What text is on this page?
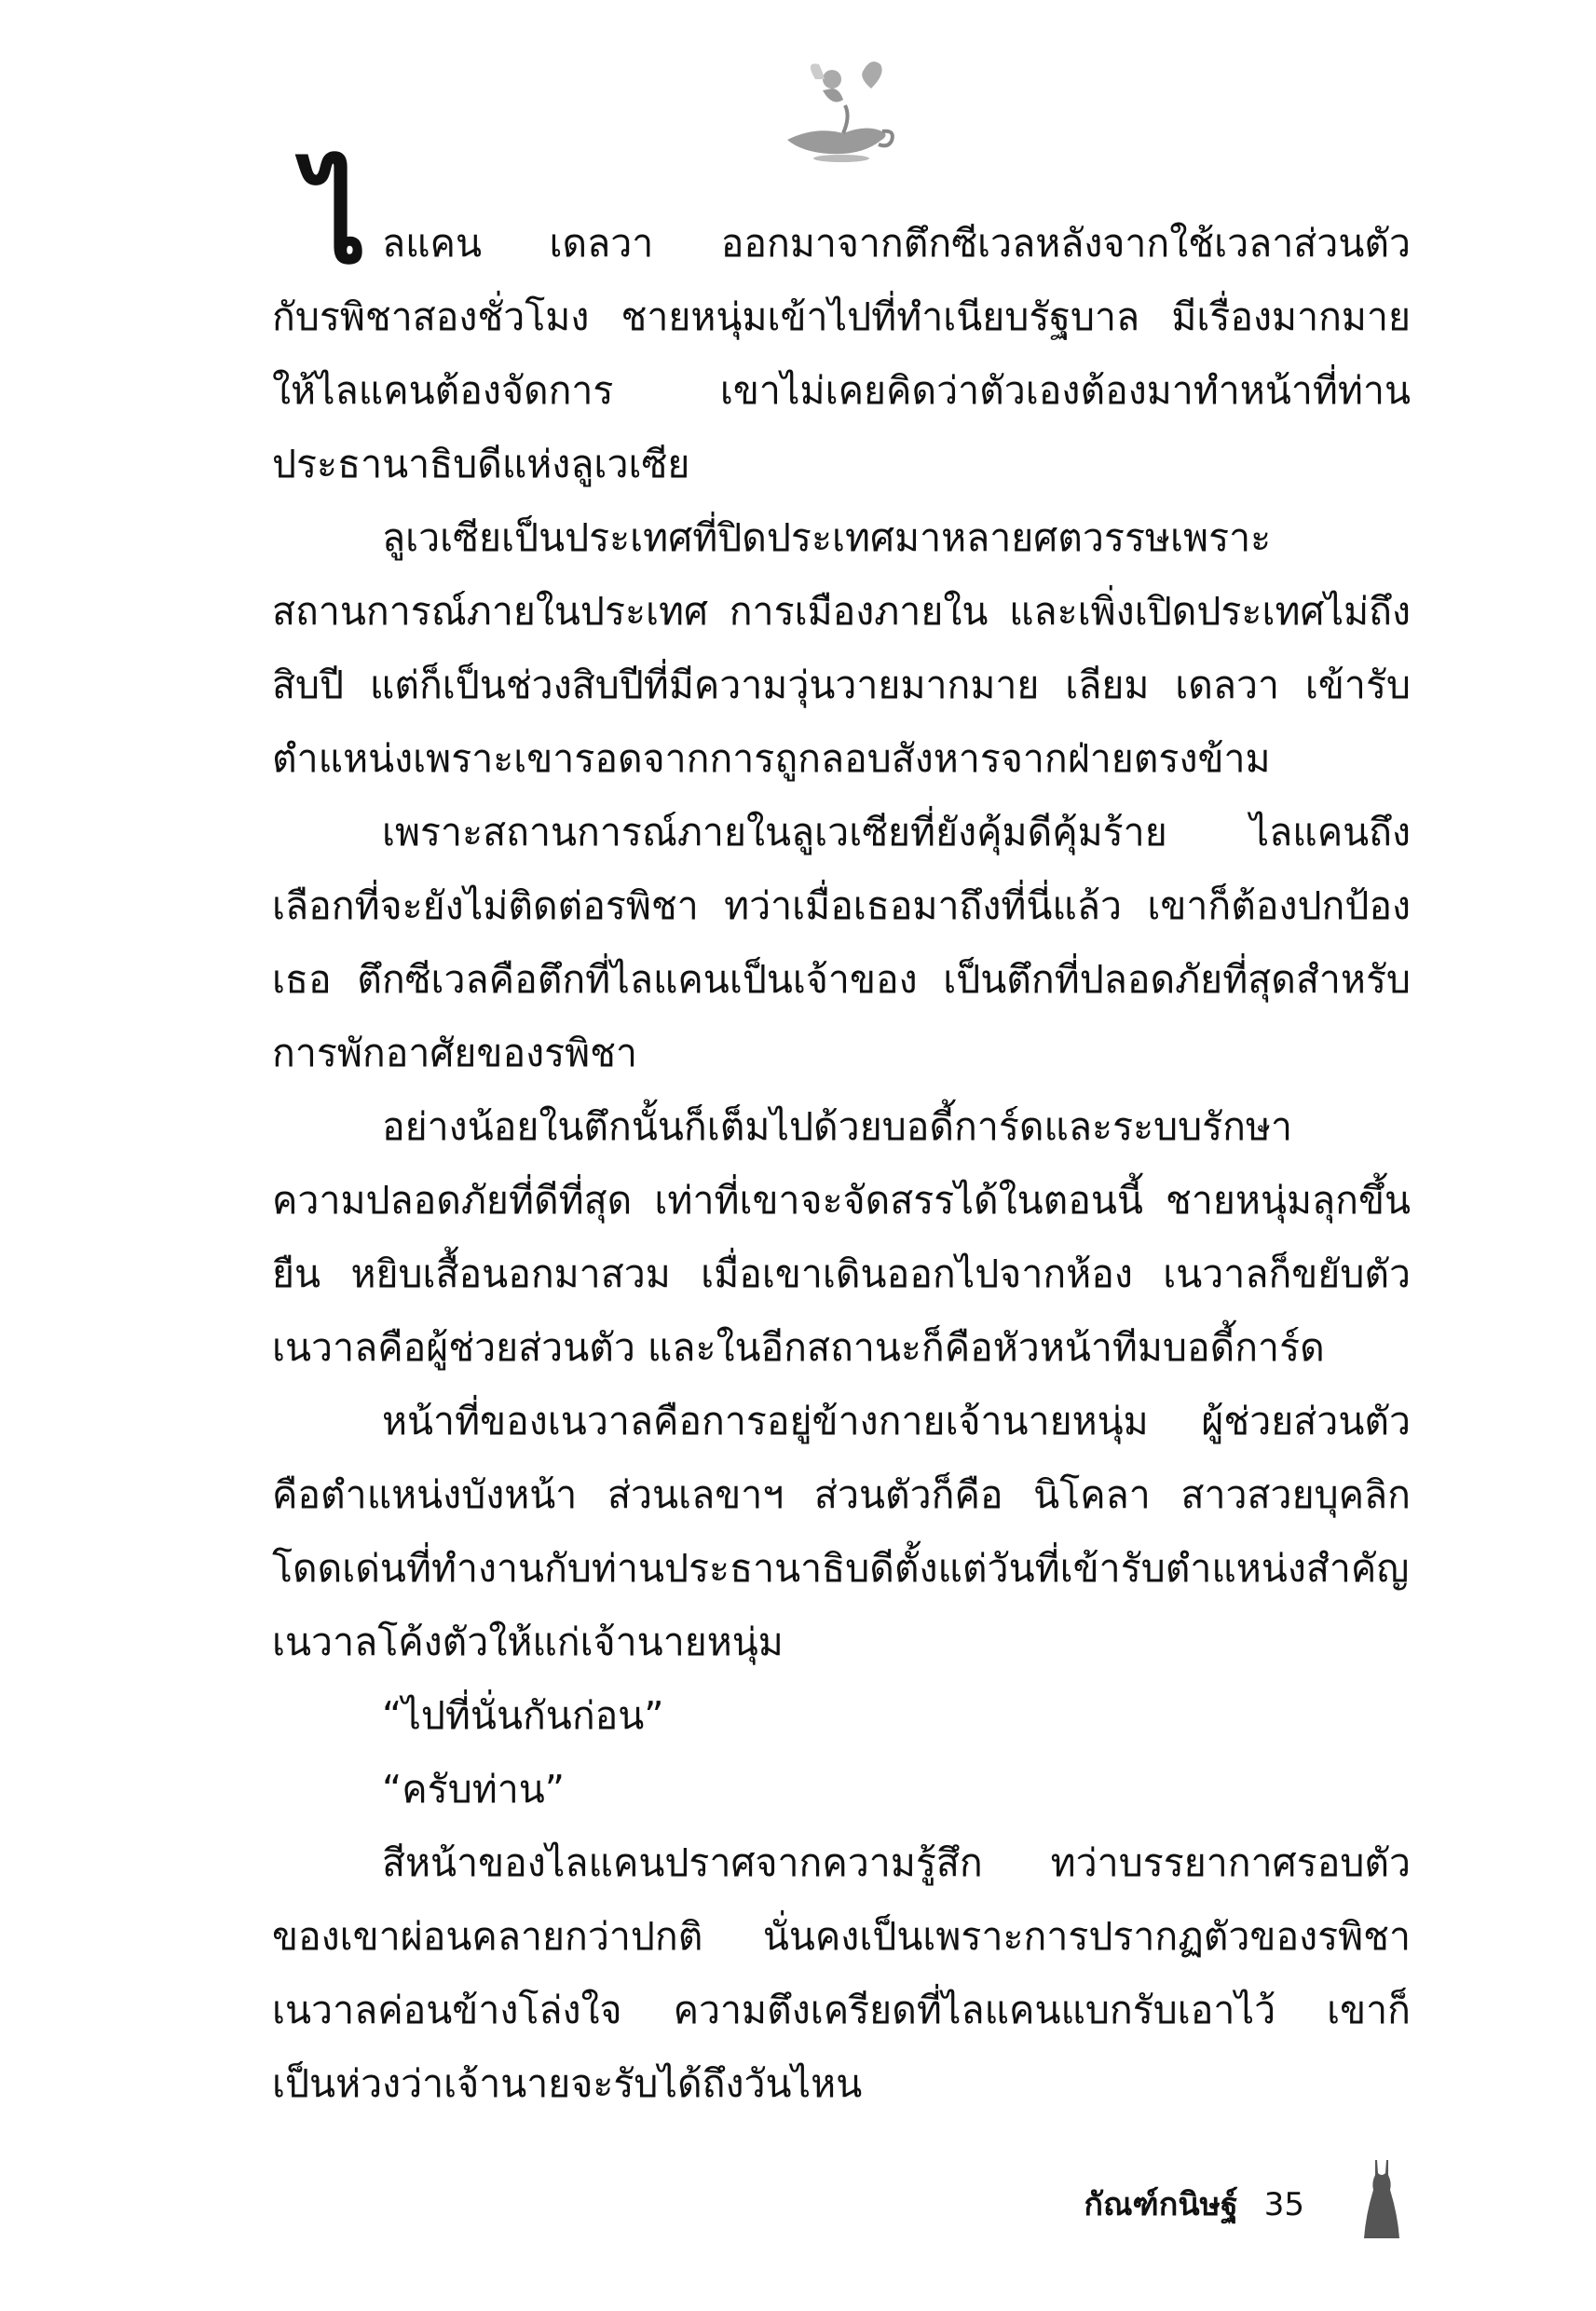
ไ ลแคน เดลวา ออกมาจากตึกซีเวลหลังจากใช้เวลาส่วนตัว
กับรพิชาสองชั่วโมง ชายหนุ่มเข้าไปที่ทำเนียบรัฐบาล มีเรื่องมากมาย
ให้ไลแคนต้องจัดการ เขาไม่เคยคิดว่าตัวเองต้องมาทำหน้าที่ท่าน
ประธานาธิบดีแห่งลูเวเซีย
ลูเวเซียเป็นประเทศที่ปิดประเทศมาหลายศตวรรษเพราะ
สถานการณ์ภายในประเทศ การเมืองภายใน และเพิ่งเปิดประเทศไม่ถึง
สิบปี แต่ก็เป็นช่วงสิบปีที่มีความวุ่นวายมากมาย เลียม เดลวา เข้ารับ
ตำแหน่งเพราะเขารอดจากการถูกลอบสังหารจากฝ่ายตรงข้าม
เพราะสถานการณ์ภายในลูเวเซียที่ยังคุ้มดีคุ้มร้าย ไลแคนถึง
เลือกที่จะยังไม่ติดต่อรพิชา ทว่าเมื่อเธอมาถึงที่นี่แล้ว เขาก็ต้องปกป้อง
เธอ ตึกซีเวลคือตึกที่ไลแคนเป็นเจ้าของ เป็นตึกที่ปลอดภัยที่สุดสำหรับ
การพักอาศัยของรพิชา
อย่างน้อยในตึกนั้นก็เต็มไปด้วยบอดี้การ์ดและระบบรักษา
ความปลอดภัยที่ดีที่สุด เท่าที่เขาจะจัดสรรได้ในตอนนี้ ชายหนุ่มลุกขึ้น
ยืน หยิบเสื้อนอกมาสวม เมื่อเขาเดินออกไปจากห้อง เนวาลก็ขยับตัว
เนวาลคือผู้ช่วยส่วนตัว และในอีกสถานะก็คือหัวหน้าทีมบอดี้การ์ด
หน้าที่ของเนวาลคือการอยู่ข้างกายเจ้านายหนุ่ม ผู้ช่วยส่วนตัว
คือตำแหน่งบังหน้า ส่วนเลขาฯ ส่วนตัวก็คือ นิโคลา สาวสวยบุคลิก
โดดเด่นที่ทำงานกับท่านประธานาธิบดีตั้งแต่วันที่เข้ารับตำแหน่งสำคัญ
เนวาลโค้งตัวให้แก่เจ้านายหนุ่ม
“ไปที่นั่นกันก่อน”
“ครับท่าน”
สีหน้าของไลแคนปราศจากความรู้สึก ทว่าบรรยากาศรอบตัว
ของเขาผ่อนคลายกว่าปกติ นั่นคงเป็นเพราะการปรากฏตัวของรพิชา
เนวาลค่อนข้างโล่งใจ ความตึงเครียดที่ไลแคนแบกรับเอาไว้ เขาก็
เป็นห่วงว่าเจ้านายจะรับได้ถึงวันไหน
กัณฑ์กนิษฐ์ 35
